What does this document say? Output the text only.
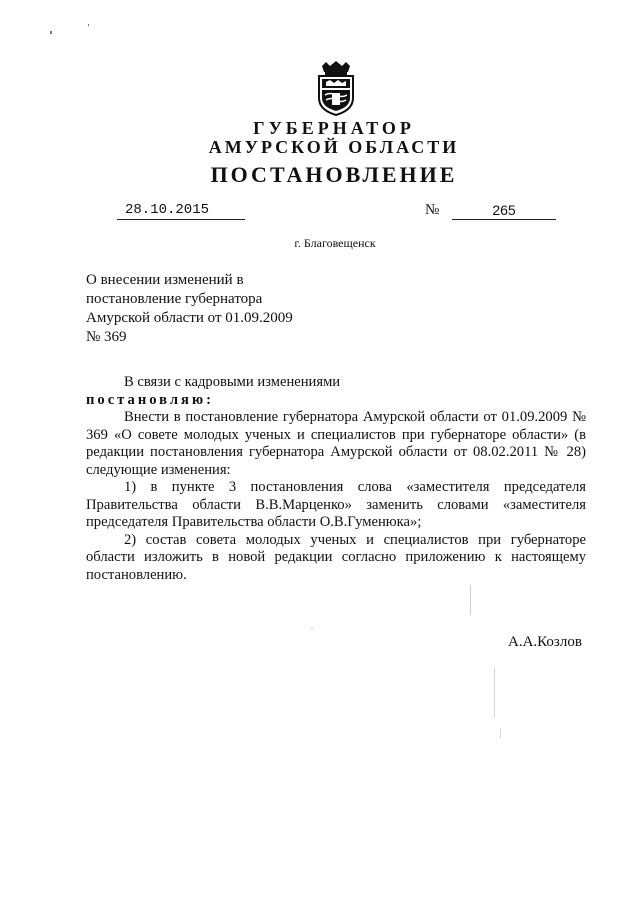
ГУБЕРНАТОР
АМУРСКОЙ ОБЛАСТИ
ПОСТАНОВЛЕНИЕ
28.10.2015	№	265
г. Благовещенск
О внесении изменений в
постановление губернатора
Амурской области от 01.09.2009
№ 369
В связи с кадровыми изменениями
постановляю:
Внести в постановление губернатора Амурской области от 01.09.2009 № 369 «О совете молодых ученых и специалистов при губернаторе области» (в редакции постановления губернатора Амурской области от 08.02.2011 № 28) следующие изменения:
1) в пункте 3 постановления слова «заместителя председателя Правительства области В.В.Марценко» заменить словами «заместителя председателя Правительства области О.В.Гуменюка»;
2) состав совета молодых ученых и специалистов при губернаторе области изложить в новой редакции согласно приложению к настоящему постановлению.
А.А.Козлов
